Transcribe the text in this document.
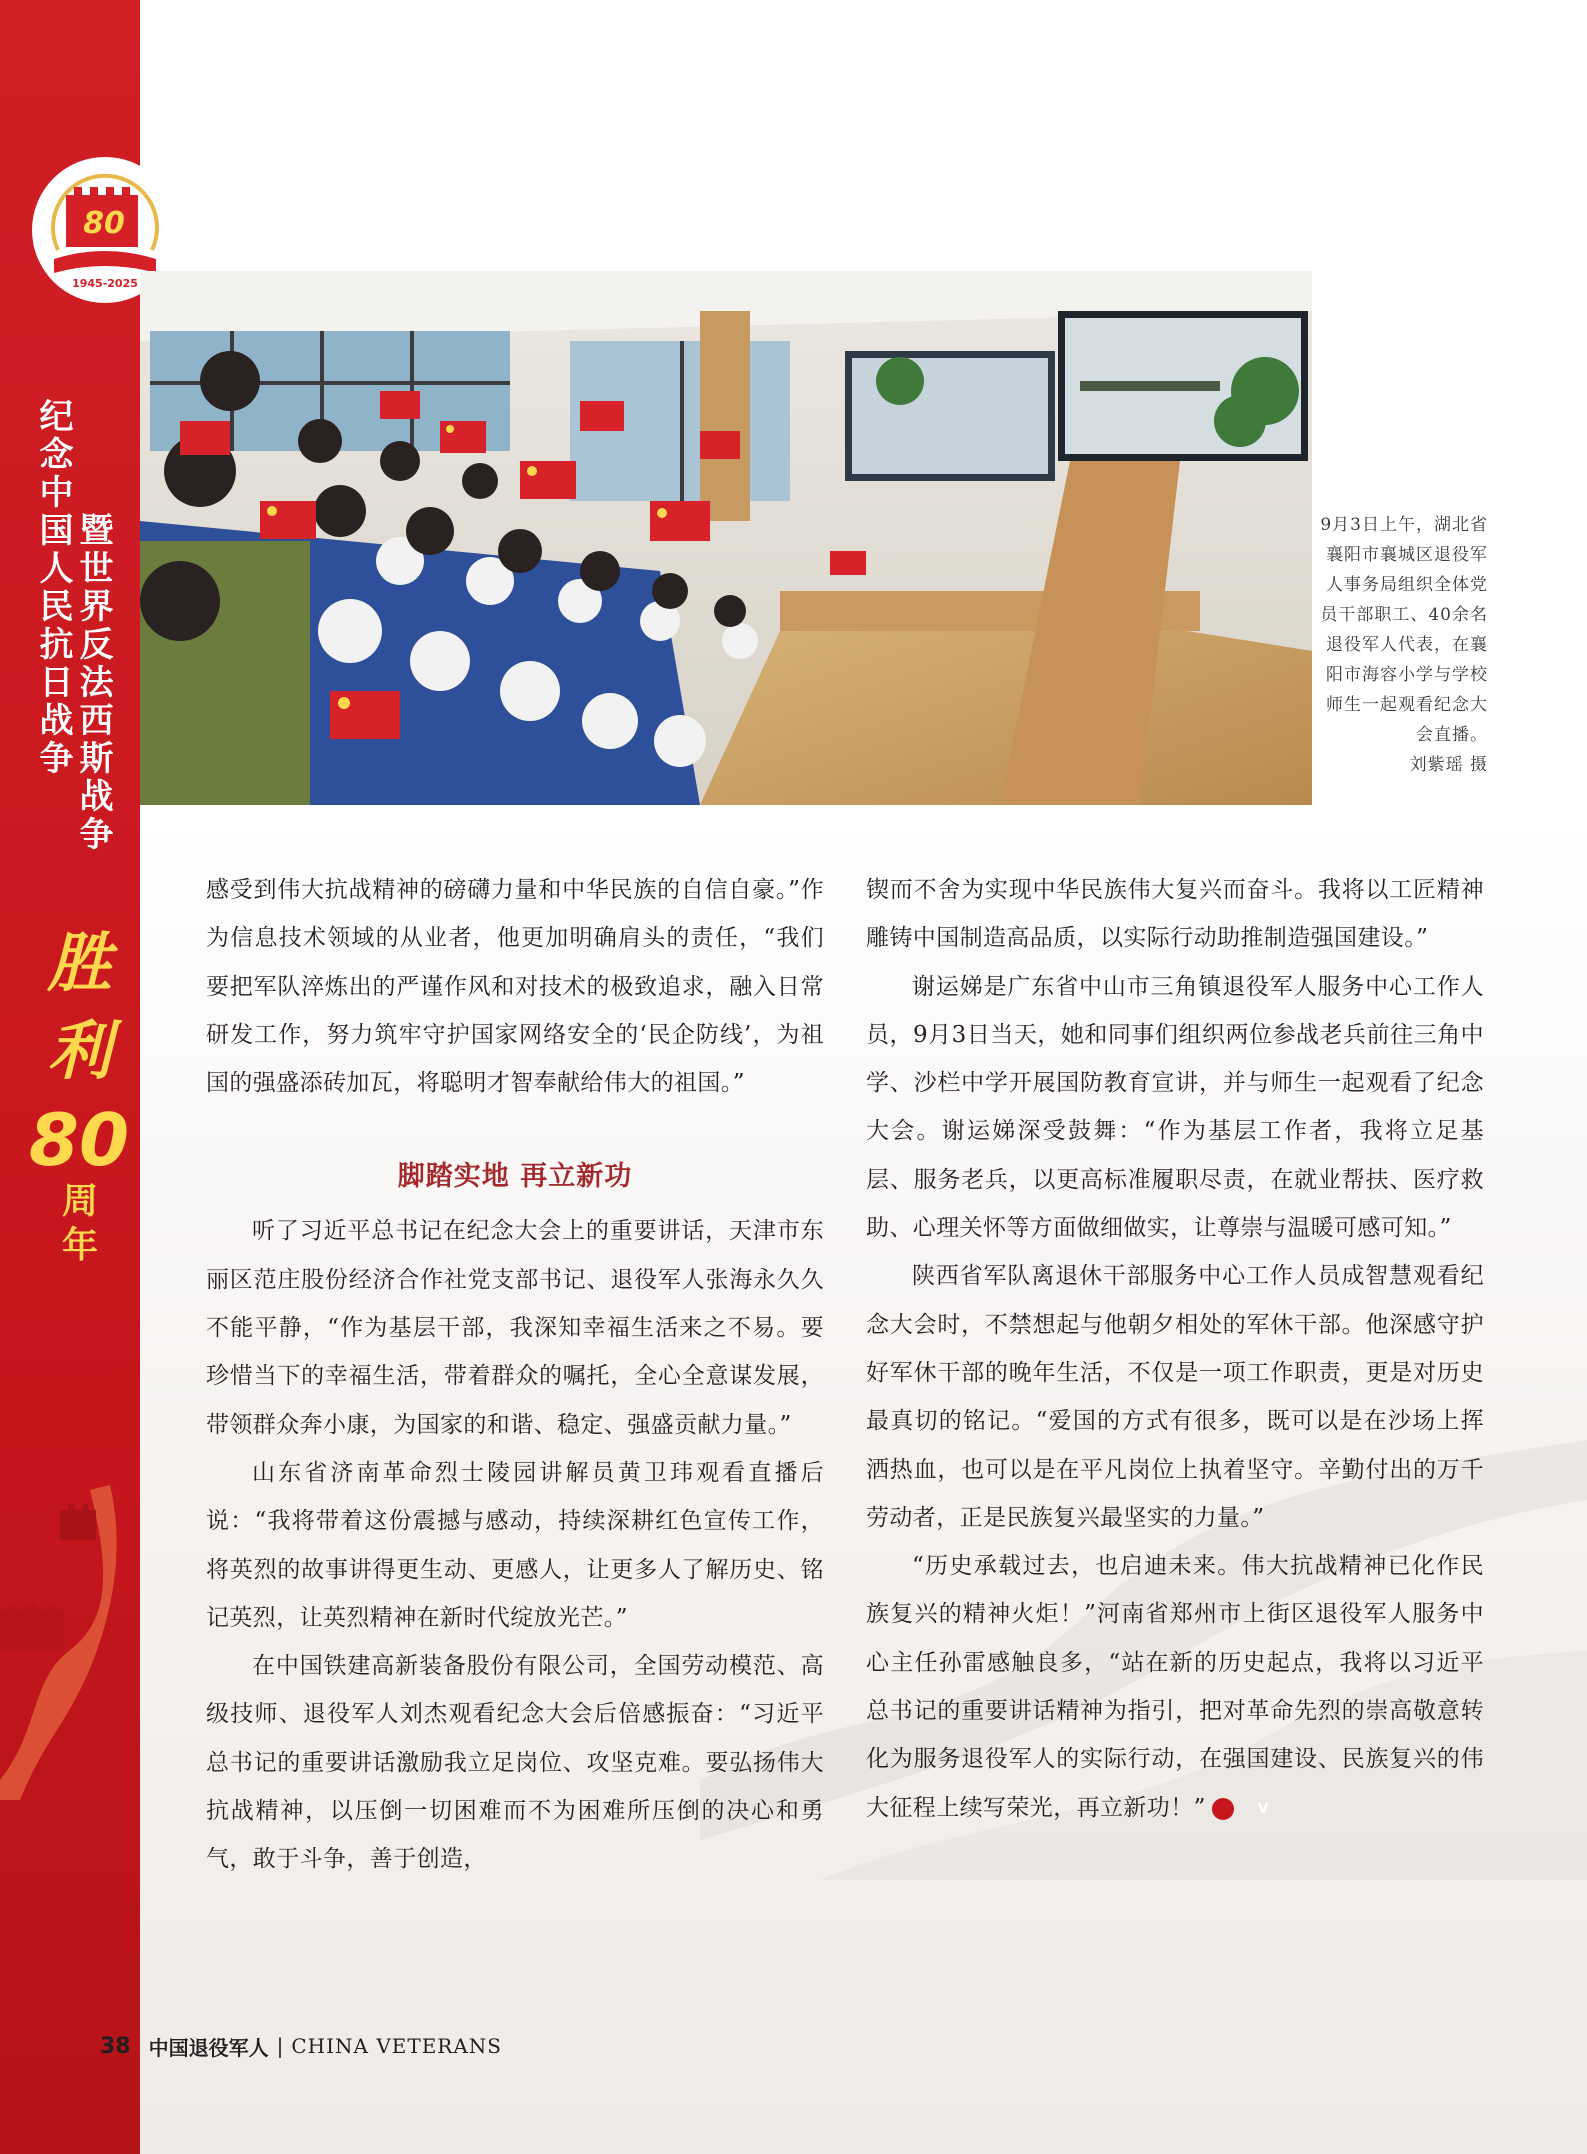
80
1945-2025
纪念中国人民抗日战争 暨世界反法西斯战争
胜
利
80
周年
9月3日上午，湖北省襄阳市襄城区退役军人事务局组织全体党员干部职工、40余名退役军人代表，在襄阳市海容小学与学校师生一起观看纪念大会直播。
刘紫瑶 摄

感受到伟大抗战精神的磅礴力量和中华民族的自信自豪。”作为信息技术领域的从业者，他更加明确肩头的责任，“我们要把军队淬炼出的严谨作风和对技术的极致追求，融入日常研发工作，努力筑牢守护国家网络安全的‘民企防线’，为祖国的强盛添砖加瓦，将聪明才智奉献给伟大的祖国。”

脚踏实地 再立新功

听了习近平总书记在纪念大会上的重要讲话，天津市东丽区范庄股份经济合作社党支部书记、退役军人张海永久久不能平静，“作为基层干部，我深知幸福生活来之不易。要珍惜当下的幸福生活，带着群众的嘱托，全心全意谋发展，带领群众奔小康，为国家的和谐、稳定、强盛贡献力量。”

山东省济南革命烈士陵园讲解员黄卫玮观看直播后说：“我将带着这份震撼与感动，持续深耕红色宣传工作，将英烈的故事讲得更生动、更感人，让更多人了解历史、铭记英烈，让英烈精神在新时代绽放光芒。”

在中国铁建高新装备股份有限公司，全国劳动模范、高级技师、退役军人刘杰观看纪念大会后倍感振奋：“习近平总书记的重要讲话激励我立足岗位、攻坚克难。要弘扬伟大抗战精神，以压倒一切困难而不为困难所压倒的决心和勇气，敢于斗争，善于创造，

锲而不舍为实现中华民族伟大复兴而奋斗。我将以工匠精神雕铸中国制造高品质，以实际行动助推制造强国建设。”

谢运娣是广东省中山市三角镇退役军人服务中心工作人员，9月3日当天，她和同事们组织两位参战老兵前往三角中学、沙栏中学开展国防教育宣讲，并与师生一起观看了纪念大会。谢运娣深受鼓舞：“作为基层工作者，我将立足基层、服务老兵，以更高标准履职尽责，在就业帮扶、医疗救助、心理关怀等方面做细做实，让尊崇与温暖可感可知。”

陕西省军队离退休干部服务中心工作人员成智慧观看纪念大会时，不禁想起与他朝夕相处的军休干部。他深感守护好军休干部的晚年生活，不仅是一项工作职责，更是对历史最真切的铭记。“爱国的方式有很多，既可以是在沙场上挥洒热血，也可以是在平凡岗位上执着坚守。辛勤付出的万千劳动者，正是民族复兴最坚实的力量。”

“历史承载过去，也启迪未来。伟大抗战精神已化作民族复兴的精神火炬！”河南省郑州市上街区退役军人服务中心主任孙雷感触良多，“站在新的历史起点，我将以习近平总书记的重要讲话精神为指引，把对革命先烈的崇高敬意转化为服务退役军人的实际行动，在强国建设、民族复兴的伟大征程上续写荣光，再立新功！”	V

38 中国退役军人 | CHINA VETERANS
